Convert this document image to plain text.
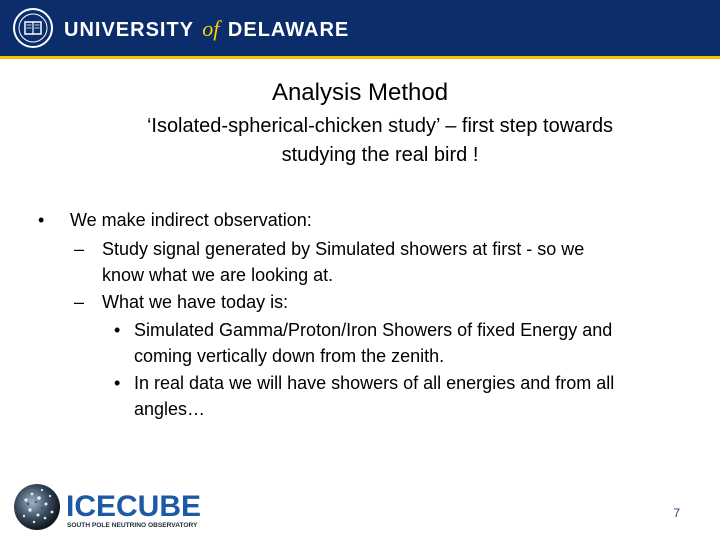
UNIVERSITY of DELAWARE
Analysis Method
‘Isolated-spherical-chicken study’ – first step towards
studying the real bird !
•	We make indirect observation:
– Study signal generated by Simulated showers at first - so we
know what we are looking at.
– What we have today is:
• Simulated Gamma/Proton/Iron Showers of fixed Energy and
coming vertically down from the zenith.
• In real data we will have showers of all energies and from all
angles…
ICECUBE
SOUTH POLE NEUTRINO OBSERVATORY
7
